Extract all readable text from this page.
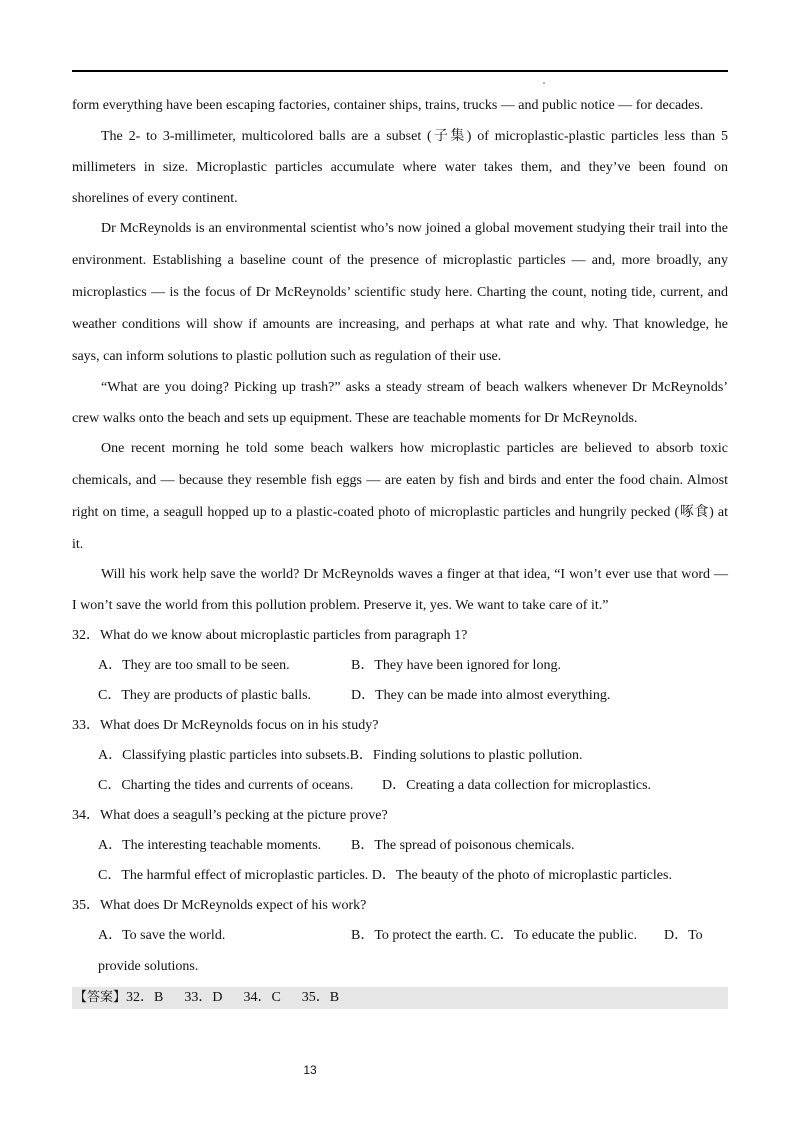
form everything have been escaping factories, container ships, trains, trucks — and public notice — for decades.
The 2- to 3-millimeter, multicolored balls are a subset (子集) of microplastic-plastic particles less than 5
millimeters in size. Microplastic particles accumulate where water takes them, and they’ve been found on
shorelines of every continent.
Dr McReynolds is an environmental scientist who’s now joined a global movement studying their trail into the
environment. Establishing a baseline count of the presence of microplastic particles — and, more broadly, any
microplastics — is the focus of Dr McReynolds’ scientific study here. Charting the count, noting tide, current, and
weather conditions will show if amounts are increasing, and perhaps at what rate and why. That knowledge, he
says, can inform solutions to plastic pollution such as regulation of their use.
“What are you doing? Picking up trash?” asks a steady stream of beach walkers whenever Dr McReynolds’
crew walks onto the beach and sets up equipment. These are teachable moments for Dr McReynolds.
One recent morning he told some beach walkers how microplastic particles are believed to absorb toxic
chemicals, and — because they resemble fish eggs — are eaten by fish and birds and enter the food chain. Almost
right on time, a seagull hopped up to a plastic-coated photo of microplastic particles and hungrily pecked (啄食) at
it.
Will his work help save the world? Dr McReynolds waves a finger at that idea, “I won’t ever use that word —
I won’t save the world from this pollution problem. Preserve it, yes. We want to take care of it.”
32．What do we know about microplastic particles from paragraph 1?
A．They are too small to be seen.	B．They have been ignored for long.
C．They are products of plastic balls.	D．They can be made into almost everything.
33．What does Dr McReynolds focus on in his study?
A．Classifying plastic particles into subsets.B．Finding solutions to plastic pollution.
C．Charting the tides and currents of oceans. D．Creating a data collection for microplastics.
34．What does a seagull’s pecking at the picture prove?
A．The interesting teachable moments. B．The spread of poisonous chemicals.
C．The harmful effect of microplastic particles. D．The beauty of the photo of microplastic particles.
35．What does Dr McReynolds expect of his work?
A．To save the world.	B．To protect the earth. C．To educate the public. D．To
provide solutions.
【答案】32．B      33．D      34．C      35．B
13
